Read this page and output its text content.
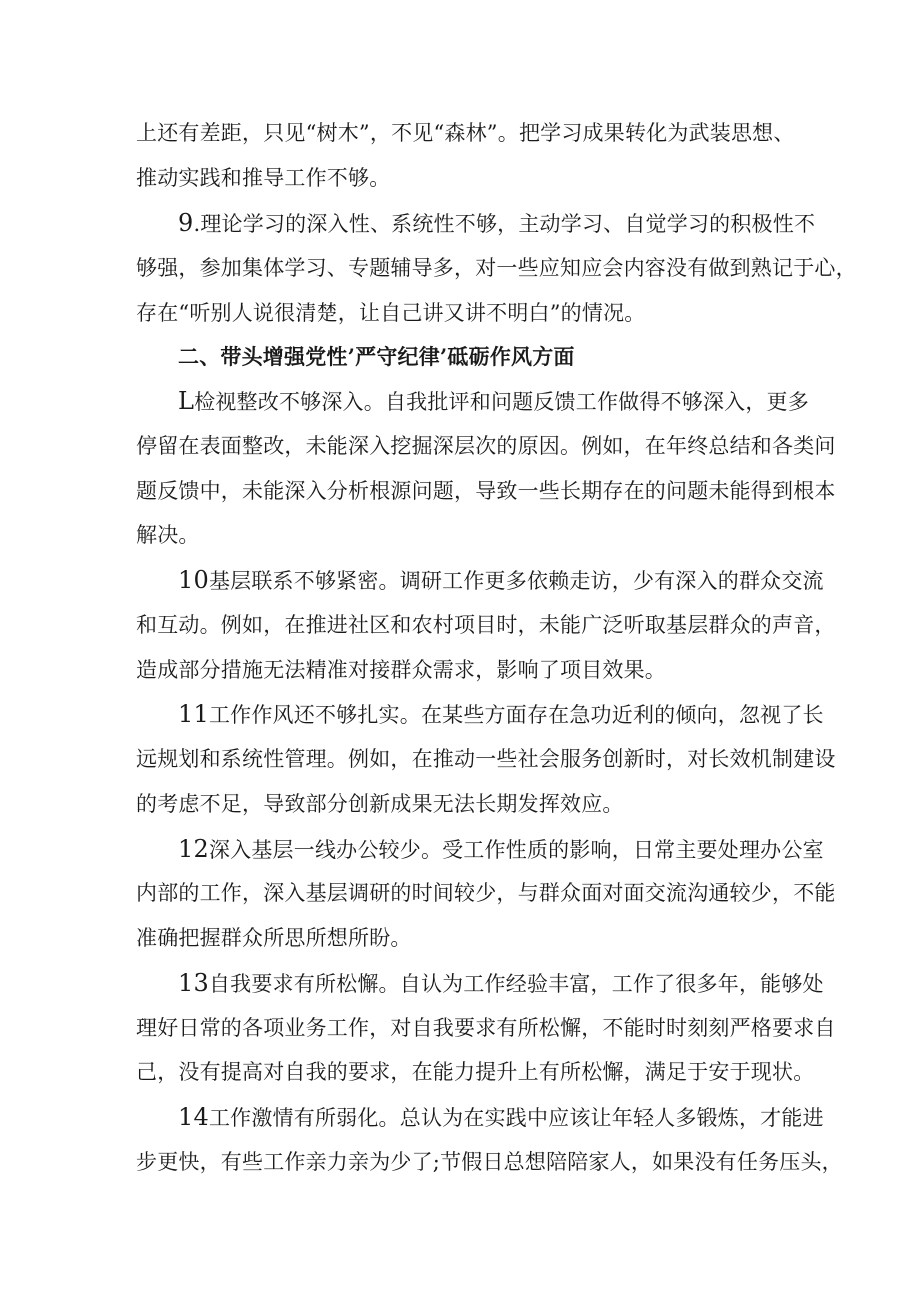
上还有差距，只见“树木”，不见“森林”。把学习成果转化为武装思想、
推动实践和推导工作不够。
9.理论学习的深入性、系统性不够，主动学习、自觉学习的积极性不
够强，参加集体学习、专题辅导多，对一些应知应会内容没有做到熟记于心，
存在“听别人说很清楚，让自己讲又讲不明白”的情况。
二、带头增强党性’严守纪律’砥砺作风方面
L检视整改不够深入。自我批评和问题反馈工作做得不够深入，更多
停留在表面整改，未能深入挖掘深层次的原因。例如，在年终总结和各类问
题反馈中，未能深入分析根源问题，导致一些长期存在的问题未能得到根本
解决。
10基层联系不够紧密。调研工作更多依赖走访，少有深入的群众交流
和互动。例如，在推进社区和农村项目时，未能广泛听取基层群众的声音，
造成部分措施无法精准对接群众需求，影响了项目效果。
11工作作风还不够扎实。在某些方面存在急功近利的倾向，忽视了长
远规划和系统性管理。例如，在推动一些社会服务创新时，对长效机制建设
的考虑不足，导致部分创新成果无法长期发挥效应。
12深入基层一线办公较少。受工作性质的影响，日常主要处理办公室
内部的工作，深入基层调研的时间较少，与群众面对面交流沟通较少，不能
准确把握群众所思所想所盼。
13自我要求有所松懈。自认为工作经验丰富，工作了很多年，能够处
理好日常的各项业务工作，对自我要求有所松懈，不能时时刻刻严格要求自
己，没有提高对自我的要求，在能力提升上有所松懈，满足于安于现状。
14工作激情有所弱化。总认为在实践中应该让年轻人多锻炼，才能进
步更快，有些工作亲力亲为少了;节假日总想陪陪家人，如果没有任务压头，
